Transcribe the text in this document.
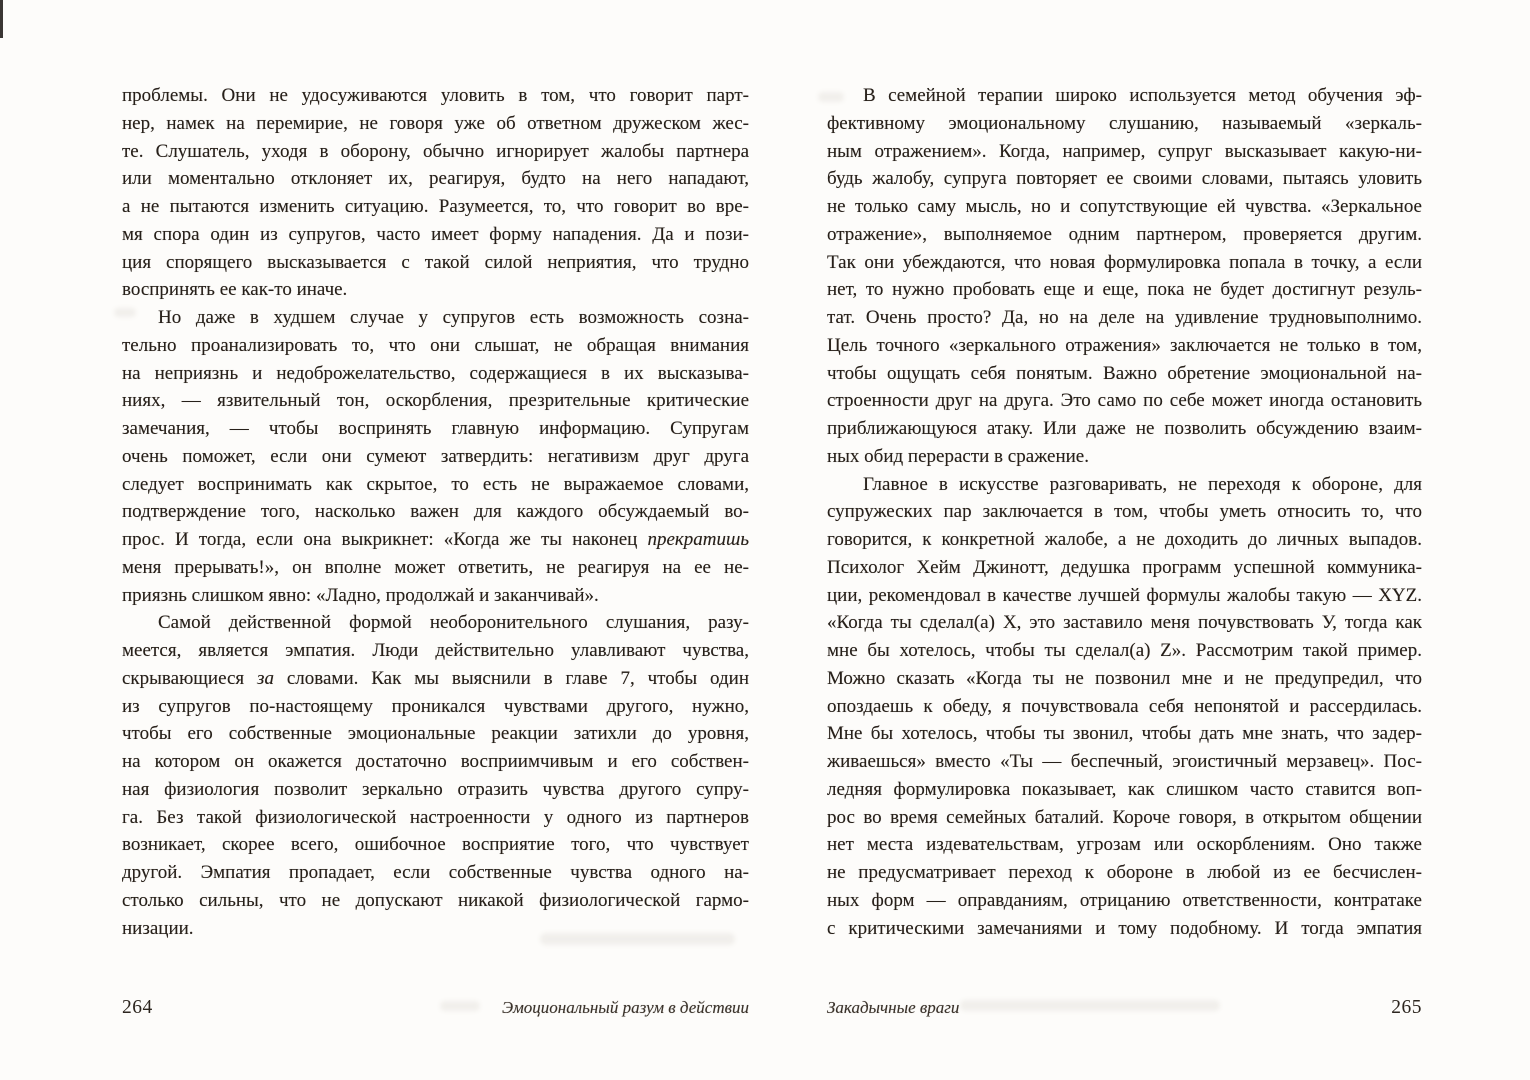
проблемы. Они не удосуживаются уловить в том, что говорит парт-
нер, намек на перемирие, не говоря уже об ответном дружеском жес-
те. Слушатель, уходя в оборону, обычно игнорирует жалобы партнера
или моментально отклоняет их, реагируя, будто на него нападают,
а не пытаются изменить ситуацию. Разумеется, то, что говорит во вре-
мя спора один из супругов, часто имеет форму нападения. Да и пози-
ция спорящего высказывается с такой силой неприятия, что трудно
воспринять ее как-то иначе.
Но даже в худшем случае у супругов есть возможность созна-
тельно проанализировать то, что они слышат, не обращая внимания
на неприязнь и недоброжелательство, содержащиеся в их высказыва-
ниях, — язвительный тон, оскорбления, презрительные критические
замечания, — чтобы воспринять главную информацию. Супругам
очень поможет, если они сумеют затвердить: негативизм друг друга
следует воспринимать как скрытое, то есть не выражаемое словами,
подтверждение того, насколько важен для каждого обсуждаемый во-
прос. И тогда, если она выкрикнет: «Когда же ты наконец прекратишь
меня прерывать!», он вполне может ответить, не реагируя на ее не-
приязнь слишком явно: «Ладно, продолжай и заканчивай».
Самой действенной формой необоронительного слушания, разу-
меется, является эмпатия. Люди действительно улавливают чувства,
скрывающиеся за словами. Как мы выяснили в главе 7, чтобы один
из супругов по-настоящему проникался чувствами другого, нужно,
чтобы его собственные эмоциональные реакции затихли до уровня,
на котором он окажется достаточно восприимчивым и его собствен-
ная физиология позволит зеркально отразить чувства другого супру-
га. Без такой физиологической настроенности у одного из партнеров
возникает, скорее всего, ошибочное восприятие того, что чувствует
другой. Эмпатия пропадает, если собственные чувства одного на-
столько сильны, что не допускают никакой физиологической гармо-
низации.
В семейной терапии широко используется метод обучения эф-
фективному эмоциональному слушанию, называемый «зеркаль-
ным отражением». Когда, например, супруг высказывает какую-ни-
будь жалобу, супруга повторяет ее своими словами, пытаясь уловить
не только саму мысль, но и сопутствующие ей чувства. «Зеркальное
отражение», выполняемое одним партнером, проверяется другим.
Так они убеждаются, что новая формулировка попала в точку, а если
нет, то нужно пробовать еще и еще, пока не будет достигнут резуль-
тат. Очень просто? Да, но на деле на удивление трудновыполнимо.
Цель точного «зеркального отражения» заключается не только в том,
чтобы ощущать себя понятым. Важно обретение эмоциональной на-
строенности друг на друга. Это само по себе может иногда остановить
приближающуюся атаку. Или даже не позволить обсуждению взаим-
ных обид перерасти в сражение.
Главное в искусстве разговаривать, не переходя к обороне, для
супружеских пар заключается в том, чтобы уметь относить то, что
говорится, к конкретной жалобе, а не доходить до личных выпадов.
Психолог Хейм Джинотт, дедушка программ успешной коммуника-
ции, рекомендовал в качестве лучшей формулы жалобы такую — XYZ.
«Когда ты сделал(а) X, это заставило меня почувствовать У, тогда как
мне бы хотелось, чтобы ты сделал(а) Z». Рассмотрим такой пример.
Можно сказать «Когда ты не позвонил мне и не предупредил, что
опоздаешь к обеду, я почувствовала себя непонятой и рассердилась.
Мне бы хотелось, чтобы ты звонил, чтобы дать мне знать, что задер-
живаешься» вместо «Ты — беспечный, эгоистичный мерзавец». Пос-
ледняя формулировка показывает, как слишком часто ставится воп-
рос во время семейных баталий. Короче говоря, в открытом общении
нет места издевательствам, угрозам или оскорблениям. Оно также
не предусматривает переход к обороне в любой из ее бесчислен-
ных форм — оправданиям, отрицанию ответственности, контратаке
с критическими замечаниями и тому подобному. И тогда эмпатия
264	Эмоциональный разум в действии	Закадычные враги	265
